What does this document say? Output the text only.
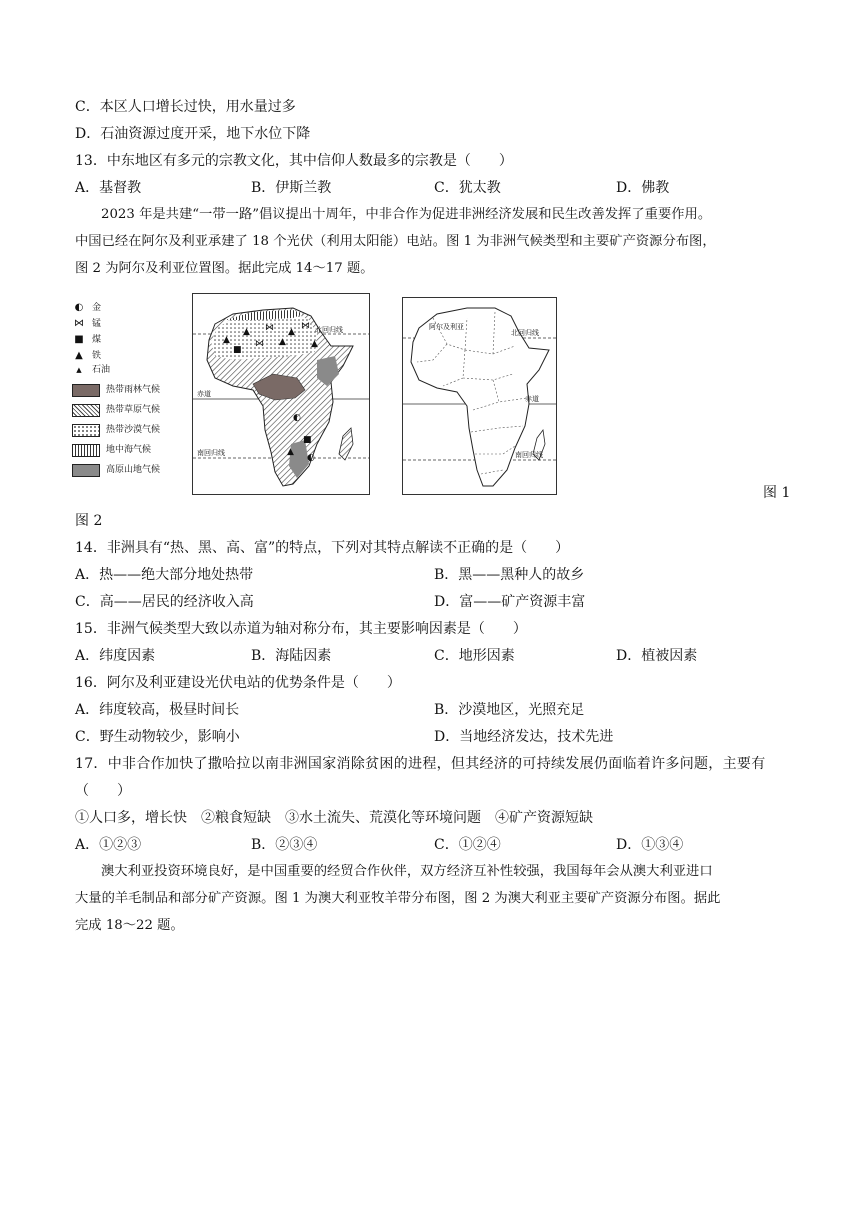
C．本区人口增长过快，用水量过多
D．石油资源过度开采，地下水位下降
13．中东地区有多元的宗教文化，其中信仰人数最多的宗教是（　　）
A．基督教	B．伊斯兰教	C．犹太教	D．佛教
2023 年是共建“一带一路”倡议提出十周年，中非合作为促进非洲经济发展和民生改善发挥了重要作用。
中国已经在阿尔及利亚承建了 18 个光伏（利用太阳能）电站。图 1 为非洲气候类型和主要矿产资源分布图，
图 2 为阿尔及利亚位置图。据此完成 14～17 题。
◐ 金
⋈ 锰
■ 煤
▲	铁
▲	石油
热带雨林气候
热带草原气候
热带沙漠气候
地中海气候
高原山地气候
▲
▲ ⋈ ▲
⋈
■
▲
▲
⋈
◐
■
◐
▲
北回归线
赤道
南回归线
阿尔及利亚
北回归线
赤道
南回归线
图 1
图 2
14．非洲具有“热、黑、高、富”的特点，下列对其特点解读不正确的是（　　）
A．热——绝大部分地处热带	B．黑——黑种人的故乡
C．高——居民的经济收入高	D．富——矿产资源丰富
15．非洲气候类型大致以赤道为轴对称分布，其主要影响因素是（　　）
A．纬度因素	B．海陆因素	C．地形因素	D．植被因素
16．阿尔及利亚建设光伏电站的优势条件是（　　）
A．纬度较高，极昼时间长	B．沙漠地区，光照充足
C．野生动物较少，影响小	D．当地经济发达，技术先进
17．中非合作加快了撒哈拉以南非洲国家消除贫困的进程，但其经济的可持续发展仍面临着许多问题，主要有
（　　）
①人口多，增长快　②粮食短缺　③水土流失、荒漠化等环境问题　④矿产资源短缺
A．①②③	B．②③④	C．①②④	D．①③④
澳大利亚投资环境良好，是中国重要的经贸合作伙伴，双方经济互补性较强，我国每年会从澳大利亚进口
大量的羊毛制品和部分矿产资源。图 1 为澳大利亚牧羊带分布图，图 2 为澳大利亚主要矿产资源分布图。据此
完成 18～22 题。
